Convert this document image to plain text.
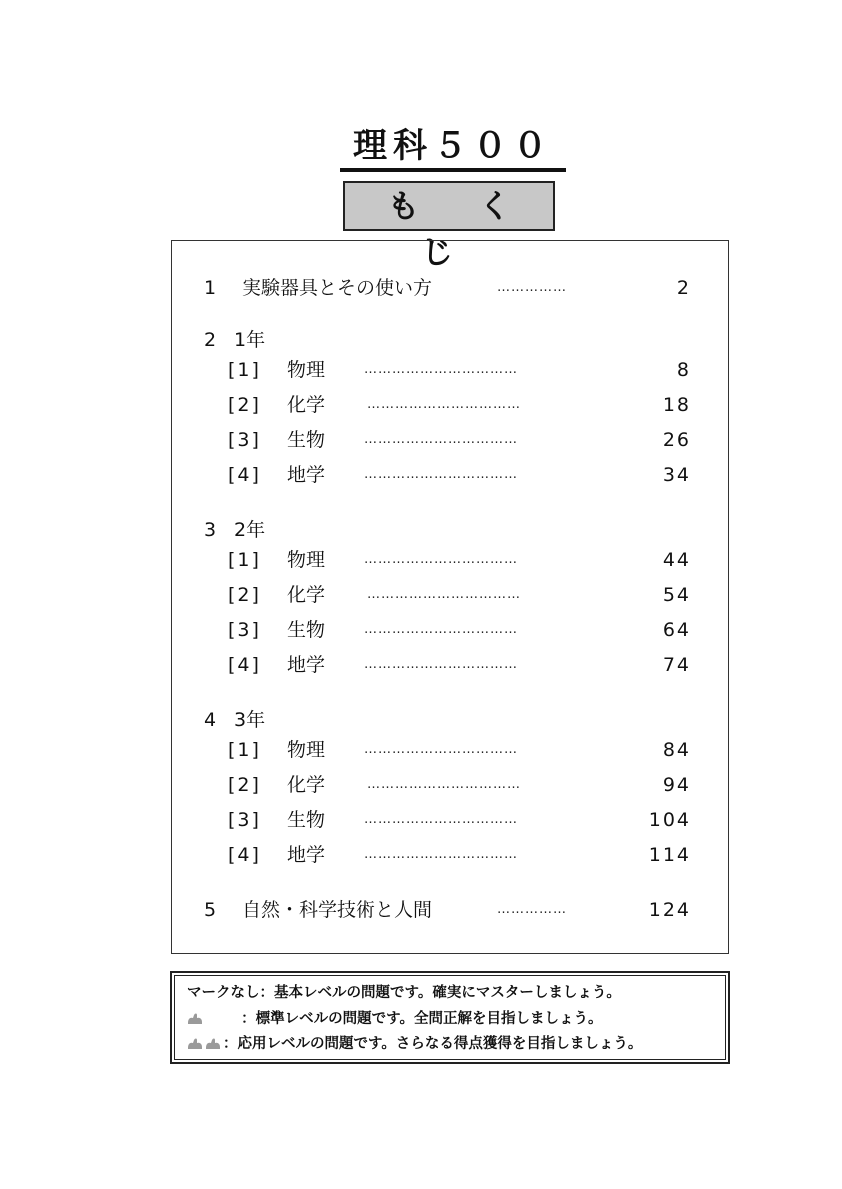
理科５００
も く じ
1 実験器具とその使い方	……………	2
2 1年
[1] 物理	……………………………	8
[2] 化学	……………………………	18
[3] 生物	……………………………	26
[4] 地学	……………………………	34
3 2年
[1] 物理	……………………………	44
[2] 化学	……………………………	54
[3] 生物	……………………………	64
[4] 地学	……………………………	74
4 3年
[1] 物理	……………………………	84
[2] 化学	……………………………	94
[3] 生物	……………………………	104
[4] 地学	……………………………	114
5 自然・科学技術と人間	……………	124
マークなし：基本レベルの問題です。確実にマスターしましょう。
：標準レベルの問題です。全問正解を目指しましょう。
：応用レベルの問題です。さらなる得点獲得を目指しましょう。
